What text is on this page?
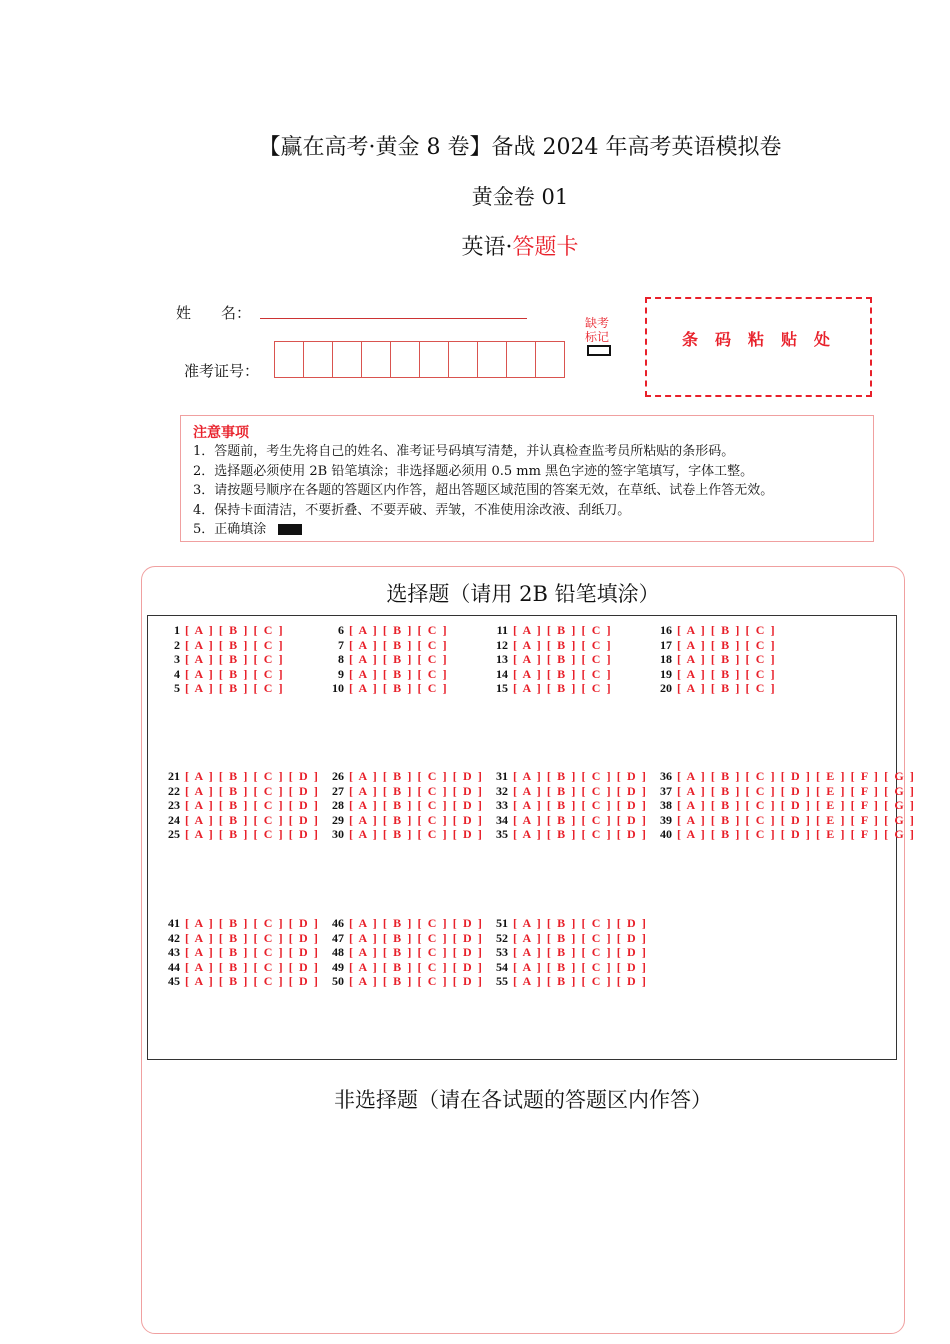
【赢在高考·黄金 8 卷】备战 2024 年高考英语模拟卷
黄金卷 01
英语·答题卡
姓　　名：
准考证号：
缺考标记	条码粘贴处
注意事项
1．答题前，考生先将自己的姓名、准考证号码填写清楚，并认真检查监考员所粘贴的条形码。
2．选择题必须使用 2B 铅笔填涂；非选择题必须用 0.5 mm 黑色字迹的签字笔填写，字体工整。
3．请按题号顺序在各题的答题区内作答，超出答题区域范围的答案无效，在草纸、试卷上作答无效。
4．保持卡面清洁，不要折叠、不要弄破、弄皱，不准使用涂改液、刮纸刀。
5．正确填涂
选择题（请用 2B 铅笔填涂）
1 [ A ] [ B ] [ C ]
2 [ A ] [ B ] [ C ]
3 [ A ] [ B ] [ C ]
4 [ A ] [ B ] [ C ]
5 [ A ] [ B ] [ C ]
6 [ A ] [ B ] [ C ]
7 [ A ] [ B ] [ C ]
8 [ A ] [ B ] [ C ]
9 [ A ] [ B ] [ C ]
10 [ A ] [ B ] [ C ]
11 [ A ] [ B ] [ C ]
12 [ A ] [ B ] [ C ]
13 [ A ] [ B ] [ C ]
14 [ A ] [ B ] [ C ]
15 [ A ] [ B ] [ C ]
16 [ A ] [ B ] [ C ]
17 [ A ] [ B ] [ C ]
18 [ A ] [ B ] [ C ]
19 [ A ] [ B ] [ C ]
20 [ A ] [ B ] [ C ]
21 [ A ] [ B ] [ C ] [ D ]
22 [ A ] [ B ] [ C ] [ D ]
23 [ A ] [ B ] [ C ] [ D ]
24 [ A ] [ B ] [ C ] [ D ]
25 [ A ] [ B ] [ C ] [ D ]
26 [ A ] [ B ] [ C ] [ D ]
27 [ A ] [ B ] [ C ] [ D ]
28 [ A ] [ B ] [ C ] [ D ]
29 [ A ] [ B ] [ C ] [ D ]
30 [ A ] [ B ] [ C ] [ D ]
31 [ A ] [ B ] [ C ] [ D ]
32 [ A ] [ B ] [ C ] [ D ]
33 [ A ] [ B ] [ C ] [ D ]
34 [ A ] [ B ] [ C ] [ D ]
35 [ A ] [ B ] [ C ] [ D ]
36 [ A ] [ B ] [ C ] [ D ] [ E ] [ F ] [ G ]
37 [ A ] [ B ] [ C ] [ D ] [ E ] [ F ] [ G ]
38 [ A ] [ B ] [ C ] [ D ] [ E ] [ F ] [ G ]
39 [ A ] [ B ] [ C ] [ D ] [ E ] [ F ] [ G ]
40 [ A ] [ B ] [ C ] [ D ] [ E ] [ F ] [ G ]
41 [ A ] [ B ] [ C ] [ D ]
42 [ A ] [ B ] [ C ] [ D ]
43 [ A ] [ B ] [ C ] [ D ]
44 [ A ] [ B ] [ C ] [ D ]
45 [ A ] [ B ] [ C ] [ D ]
46 [ A ] [ B ] [ C ] [ D ]
47 [ A ] [ B ] [ C ] [ D ]
48 [ A ] [ B ] [ C ] [ D ]
49 [ A ] [ B ] [ C ] [ D ]
50 [ A ] [ B ] [ C ] [ D ]
51 [ A ] [ B ] [ C ] [ D ]
52 [ A ] [ B ] [ C ] [ D ]
53 [ A ] [ B ] [ C ] [ D ]
54 [ A ] [ B ] [ C ] [ D ]
55 [ A ] [ B ] [ C ] [ D ]
非选择题（请在各试题的答题区内作答）
